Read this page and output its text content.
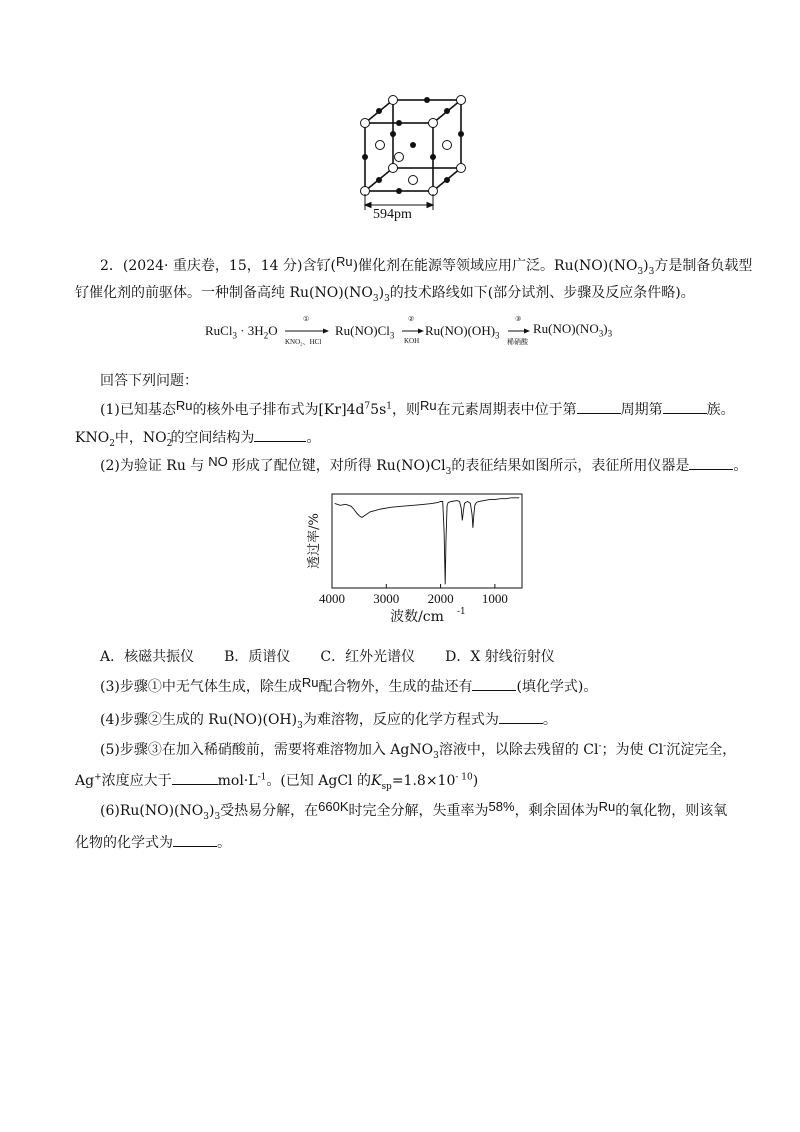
594pm
2．(2024· 重庆卷，15，14 分)含钌(Ru)催化剂在能源等领域应用广泛。$Ru(NO)(NO_3)_3$方是制备负载型
钌催化剂的前驱体。一种制备高纯 $Ru(NO)(NO_3)_3$的技术路线如下(部分试剂、步骤及反应条件略)。
RuCl$_3$ · $3H_2O$
①
KNO₂、HCl
$Ru(NO)Cl_3$
②
KOH
$Ru(NO)(OH)_3$
③
稀硝酸
$Ru(NO)(NO_3)_3$
回答下列问题：
(1)已知基态Ru的核外电子排布式为$[Kr]4d^75s^1$，则Ru在元素周期表中位于第	周期第	族。
$KNO_2$中，$NO_2^-$的空间结构为	。
(2)为验证 Ru 与 NO 形成了配位键，对所得 $Ru(NO)Cl_3$的表征结果如图所示，表征所用仪器是	。
4000 3000 2000 1000
波数/cm -1
透过率/%
A．核磁共振仪 B．质谱仪 C．红外光谱仪 D．X 射线衍射仪
(3)步骤①中无气体生成，除生成Ru配合物外，生成的盐还有	(填化学式)。
(4)步骤②生成的 $Ru(NO)(OH)_3$为难溶物，反应的化学方程式为	。
(5)步骤③在加入稀硝酸前，需要将难溶物加入 AgNO$_3$溶液中，以除去残留的 Cl-；为使 Cl-沉淀完全，
Ag+浓度应大于	$mol\cdot L^{-1}$。(已知 AgCl 的$K_{sp}=1.8\times 10^{- 10}$)
$(6)Ru(NO)(NO_3)_3$受热易分解，在660K时完全分解，失重率为58%，剩余固体为Ru的氧化物，则该氧
化物的化学式为	。
